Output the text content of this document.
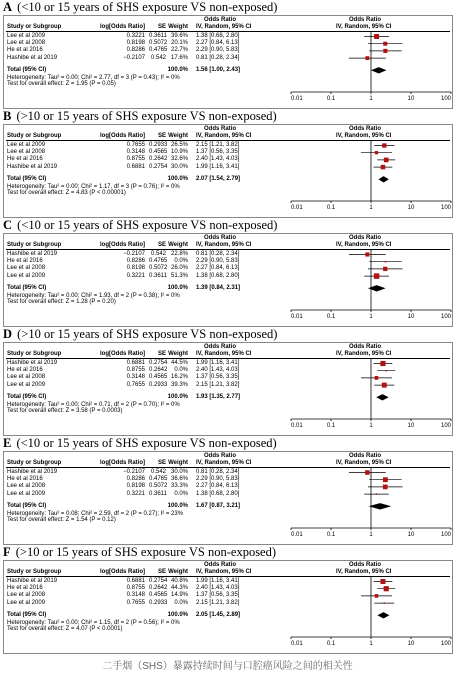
A (<10 or 15 years of SHS exposure VS non-exposed)
Odds Ratio	Odds Ratio
Study or Subgroup	log[Odds Ratio]	SE Weight IV, Random, 95% CI	IV, Random, 95% CI
Lee et al 2009	0.3221 0.3611 39.6% 1.38 [0.68, 2.80]
Lee et al 2008	0.8198 0.5072 20.1% 2.27 [0.84, 6.13]
He et al 2016	0.8286 0.4765 22.7% 2.29 [0.90, 5.83]
Hashibe et al 2019	−0.2107 0.542 17.6% 0.81 [0.28, 2.34]
Total (95% CI)	100.0% 1.56 [1.00, 2.43]
Heterogeneity: Tau² = 0.00; Chi² = 2.77, df = 3 (P = 0.43); I² = 0%
Test for overall effect: Z = 1.95 (P = 0.05)
0.01	0.1	1	10	100
B (>10 or 15 years of SHS exposure VS non-exposed)
Odds Ratio	Odds Ratio
Study or Subgroup	log[Odds Ratio]	SE Weight IV, Random, 95% CI	IV, Random, 95% CI
Lee et al 2009	0.7655 0.2933 26.5% 2.15 [1.21, 3.82]
Lee et al 2008	0.3148 0.4565 10.9% 1.37 [0.56, 3.35]
He et al 2016	0.8755 0.2642 32.6% 2.40 [1.43, 4.03]
Hashibe et al 2019	0.6881 0.2754 30.0% 1.99 [1.16, 3.41]
Total (95% CI)	100.0% 2.07 [1.54, 2.79]
Heterogeneity: Tau² = 0.00; Chi² = 1.17, df = 3 (P = 0.76); I² = 0%
Test for overall effect: Z = 4.83 (P < 0.00001)
0.01	0.1	1	10	100
C (<10 or 15 years of SHS exposure VS non-exposed)
Odds Ratio	Odds Ratio
Study or Subgroup	log[Odds Ratio]	SE Weight IV, Random, 95% CI	IV, Random, 95% CI
Hashibe et al 2019	−0.2107 0.542 22.8% 0.81 [0.28, 2.34]
He et al 2016	0.8286 0.4765	0.0% 2.29 [0.90, 5.83]
Lee et al 2008	0.8198 0.5072 26.0% 2.27 [0.84, 6.13]
Lee et al 2009	0.3221 0.3611 51.3% 1.38 [0.68, 2.80]
Total (95% CI)	100.0% 1.39 [0.84, 2.31]
Heterogeneity: Tau² = 0.00; Chi² = 1.93, df = 2 (P = 0.38); I² = 0%
Test for overall effect: Z = 1.28 (P = 0.20)
0.01	0.1	1	10	100
D (>10 or 15 years of SHS exposure VS non-exposed)
Odds Ratio	Odds Ratio
Study or Subgroup	log[Odds Ratio]	SE Weight IV, Random, 95% CI	IV, Random, 95% CI
Hashibe et al 2019	0.6881 0.2754 44.5% 1.99 [1.16, 3.41]
He et al 2016	0.8755 0.2642	0.0% 2.40 [1.43, 4.03]
Lee et al 2008	0.3148 0.4565 16.2% 1.37 [0.56, 3.35]
Lee et al 2009	0.7655 0.2933 39.3% 2.15 [1.21, 3.82]
Total (95% CI)	100.0% 1.93 [1.35, 2.77]
Heterogeneity: Tau² = 0.00; Chi² = 0.71, df = 2 (P = 0.70); I² = 0%
Test for overall effect: Z = 3.58 (P = 0.0003)
0.01	0.1	1	10	100
E (<10 or 15 years of SHS exposure VS non-exposed)
Odds Ratio	Odds Ratio
Study or Subgroup	log[Odds Ratio]	SE Weight IV, Random, 95% CI	IV, Random, 95% CI
Hashibe et al 2019	−0.2107 0.542 30.0% 0.81 [0.28, 2.34]
He et al 2016	0.8286 0.4765 36.6% 2.29 [0.90, 5.83]
Lee et al 2008	0.8198 0.5072 33.3% 2.27 [0.84, 6.13]
Lee et al 2009	0.3221 0.3611	0.0% 1.38 [0.68, 2.80]
Total (95% CI)	100.0% 1.67 [0.87, 3.21]
Heterogeneity: Tau² = 0.08; Chi² = 2.59, df = 2 (P = 0.27); I² = 23%
Test for overall effect: Z = 1.54 (P = 0.12)
0.01	0.1	1	10	100
F (>10 or 15 years of SHS exposure VS non-exposed)
Odds Ratio	Odds Ratio
Study or Subgroup	log[Odds Ratio]	SE Weight IV, Random, 95% CI	IV, Random, 95% CI
Hashibe et al 2019	0.6881 0.2754 40.8% 1.99 [1.16, 3.41]
He et al 2016	0.8755 0.2642 44.3% 2.40 [1.43, 4.03]
Lee et al 2008	0.3148 0.4565 14.9% 1.37 [0.56, 3.35]
Lee et al 2009	0.7655 0.2933	0.0% 2.15 [1.21, 3.82]
Total (95% CI)	100.0% 2.05 [1.45, 2.89]
Heterogeneity: Tau² = 0.00; Chi² = 1.15, df = 2 (P = 0.56); I² = 0%
Test for overall effect: Z = 4.07 (P < 0.0001)
0.01	0.1	1	10	100
二手烟（SHS）暴露持续时间与口腔癌风险之间的相关性
